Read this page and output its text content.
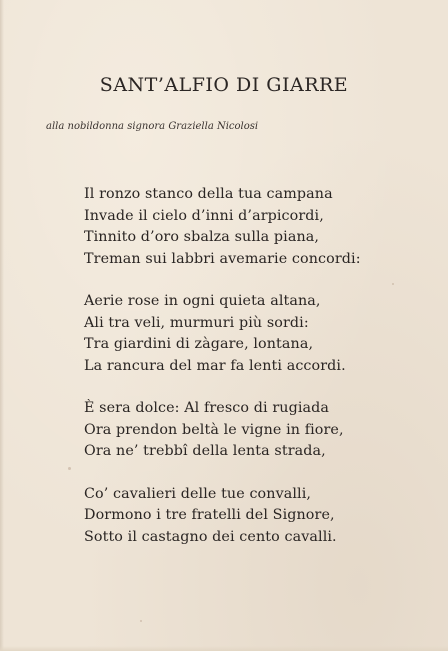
SANT’ALFIO DI GIARRE
alla nobildonna signora Graziella Nicolosi
Il ronzo stanco della tua campana
Invade il cielo d’inni d’arpicordi,
Tinnito d’oro sbalza sulla piana,
Treman sui labbri avemarie concordi:
Aerie rose in ogni quieta altana,
Ali tra veli, murmuri più sordi:
Tra giardini di zàgare, lontana,
La rancura del mar fa lenti accordi.
È sera dolce: Al fresco di rugiada
Ora prendon beltà le vigne in fiore,
Ora ne’ trebbî della lenta strada,
Co’ cavalieri delle tue convalli,
Dormono i tre fratelli del Signore,
Sotto il castagno dei cento cavalli.
